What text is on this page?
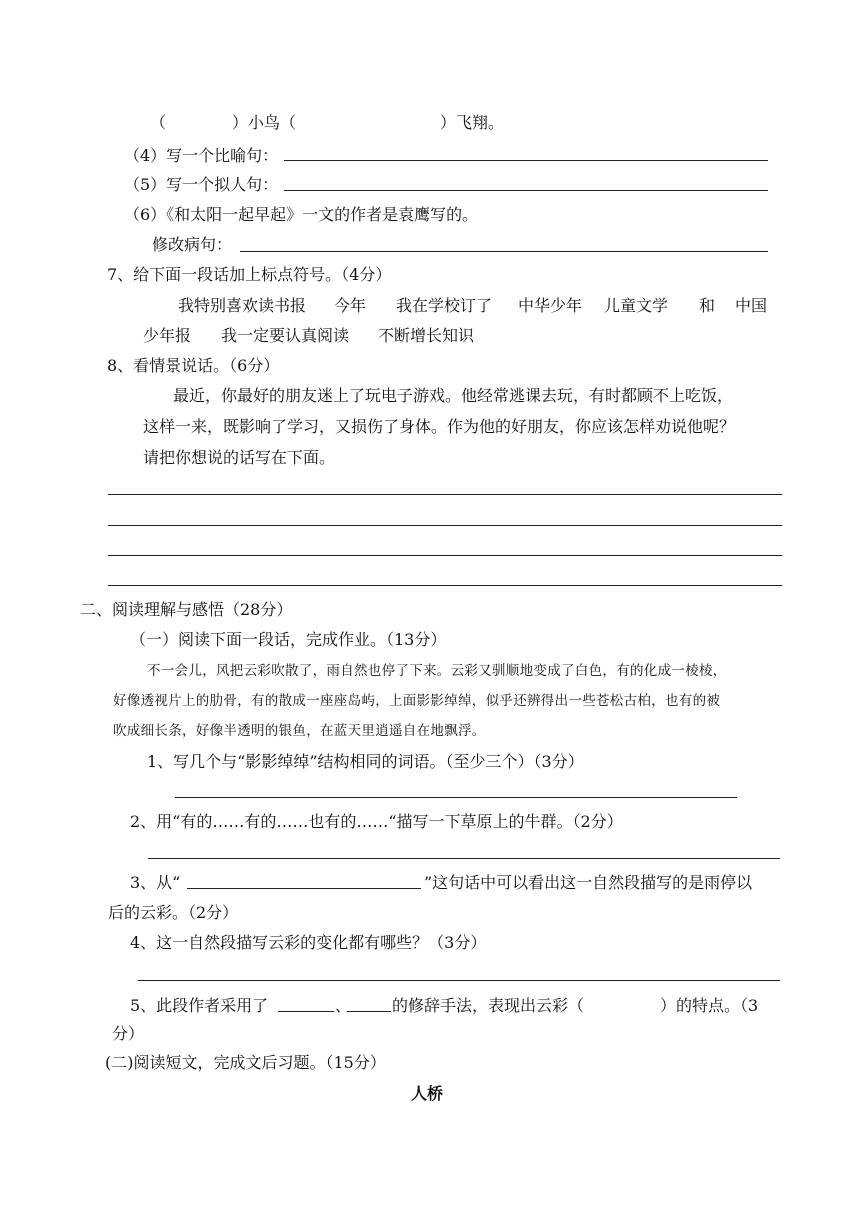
（	）小鸟（	）飞翔。
（4）写一个比喻句：
（5）写一个拟人句：
（6）《和太阳一起早起》一文的作者是袁鹰写的。
修改病句：
7、给下面一段话加上标点符号。（4分）
我特别喜欢读书报 今年 我在学校订了 中华少年 儿童文学 和 中国
少年报 我一定要认真阅读 不断增长知识
8、看情景说话。（6分）
最近，你最好的朋友迷上了玩电子游戏。他经常逃课去玩，有时都顾不上吃饭，
这样一来，既影响了学习，又损伤了身体。作为他的好朋友，你应该怎样劝说他呢？
请把你想说的话写在下面。
二、阅读理解与感悟（28分）
（一）阅读下面一段话，完成作业。（13分）
不一会儿，风把云彩吹散了，雨自然也停了下来。云彩又驯顺地变成了白色，有的化成一棱棱，
好像透视片上的肋骨，有的散成一座座岛屿，上面影影绰绰，似乎还辨得出一些苍松古柏，也有的被
吹成细长条，好像半透明的银鱼，在蓝天里逍遥自在地飘浮。
1、写几个与“影影绰绰”结构相同的词语。（至少三个）（3分）
2、用“有的……有的……也有的……“描写一下草原上的牛群。（2分）
3、从“	”这句话中可以看出这一自然段描写的是雨停以
后的云彩。（2分）
4、这一自然段描写云彩的变化都有哪些？（3分）
5、此段作者采用了	、	的修辞手法，表现出云彩（	）的特点。（3
分）
(二)阅读短文，完成文后习题。（15分）
人桥
